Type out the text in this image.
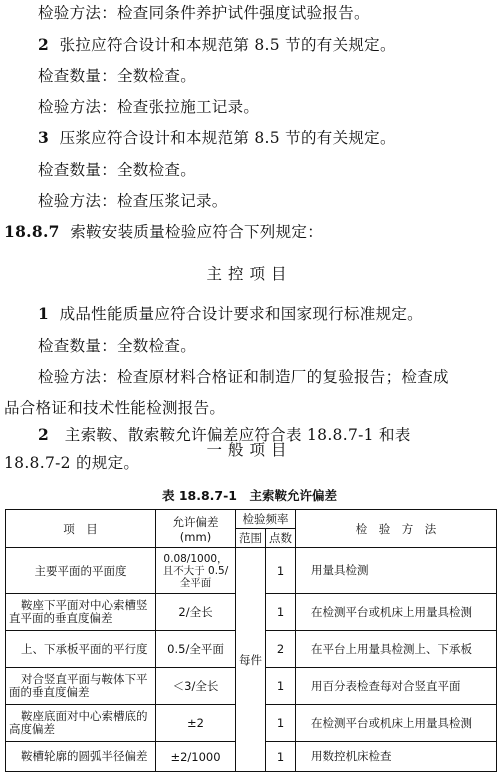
检验方法：检查同条件养护试件强度试验报告。
2 张拉应符合设计和本规范第 8.5 节的有关规定。
检查数量：全数检查。
检验方法：检查张拉施工记录。
3 压浆应符合设计和本规范第 8.5 节的有关规定。
检查数量：全数检查。
检验方法：检查压浆记录。
18.8.7 索鞍安装质量检验应符合下列规定：
主控项目
1 成品性能质量应符合设计要求和国家现行标准规定。
检查数量：全数检查。
检验方法：检查原材料合格证和制造厂的复验报告；检查成
品合格证和技术性能检测报告。
一般项目
2 主索鞍、散索鞍允许偏差应符合表 18.8.7-1 和表
表 18.8.7-1　主索鞍允许偏差
项　目	允许偏差
(mm)	检验频率		检　验　方　法
		范围	点数	
主要平面的平面度	0.08/1000，且不大于 0.5/全平面	每件	1	用量具检测
鞍座下平面对中心索槽竖直平面的垂直度偏差	2/全长		1	在检测平台或机床上用量具检测
上、下承板平面的平行度	0.5/全平面		2	在平台上用量具检测上、下承板
对合竖直平面与鞍体下平面的垂直度偏差	＜3/全长		1	用百分表检查每对合竖直平面
鞍座底面对中心索槽底的高度偏差	±2		1	在检测平台或机床上用量具检测
鞍槽轮廓的圆弧半径偏差	±2/1000		1	用数控机床检查
18.8.7-2 的规定。
